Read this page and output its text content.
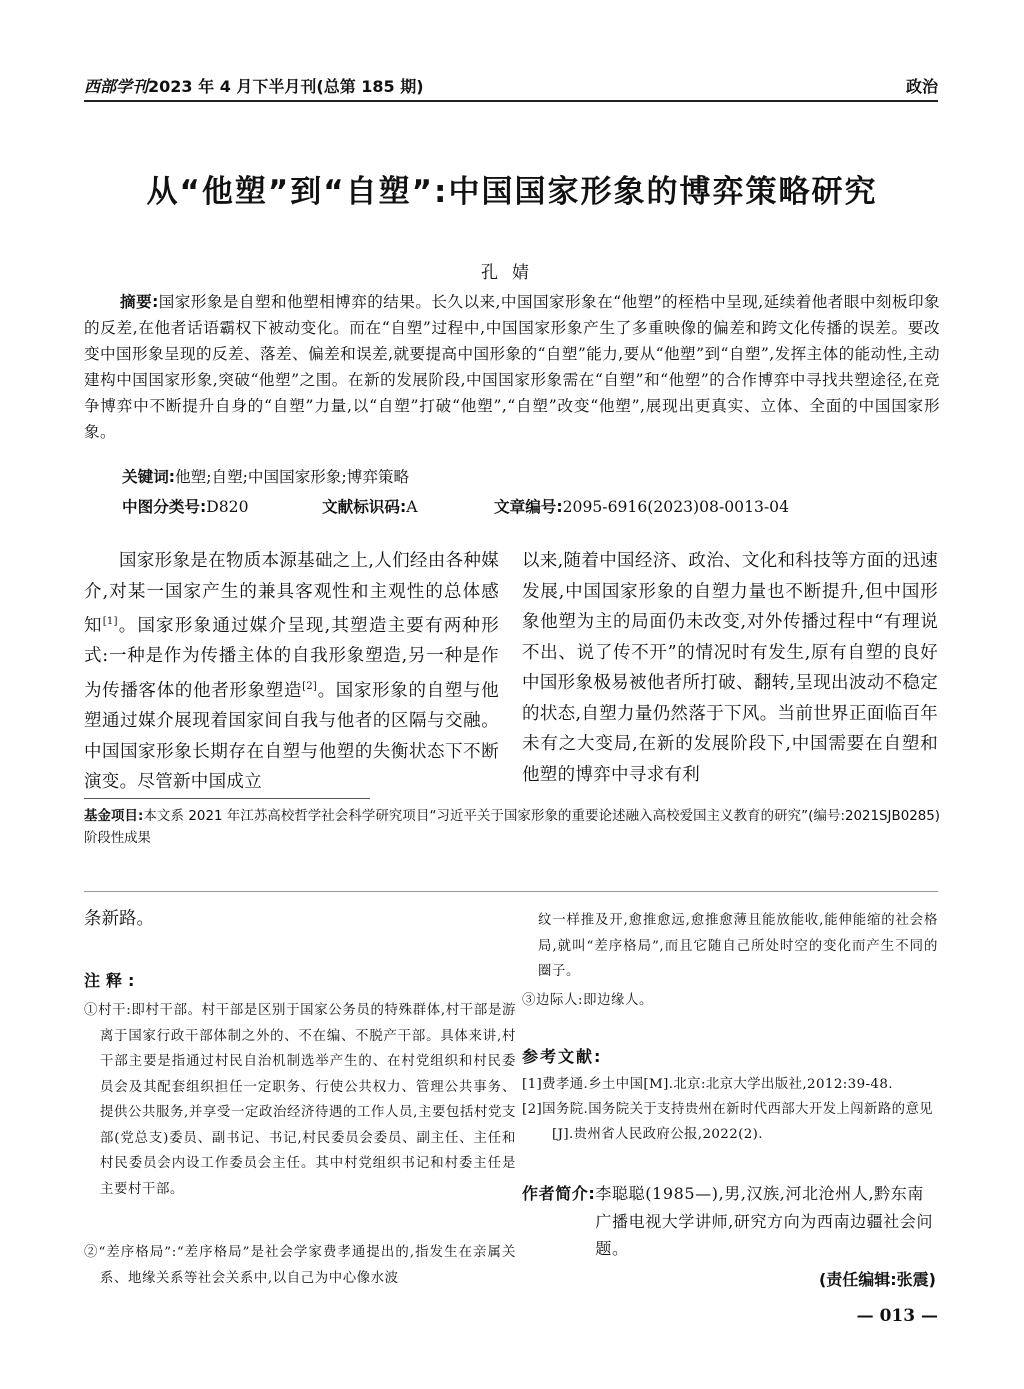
西部学刊2023 年 4 月下半月刊(总第 185 期)	政治
从“他塑”到“自塑”:中国国家形象的博弈策略研究
孔婧
摘要:国家形象是自塑和他塑相博弈的结果。长久以来,中国国家形象在“他塑”的桎梏中呈现,延续着他者眼中刻板印象的反差,在他者话语霸权下被动变化。而在“自塑”过程中,中国国家形象产生了多重映像的偏差和跨文化传播的误差。要改变中国形象呈现的反差、落差、偏差和误差,就要提高中国形象的“自塑”能力,要从“他塑”到“自塑”,发挥主体的能动性,主动建构中国国家形象,突破“他塑”之围。在新的发展阶段,中国国家形象需在“自塑”和“他塑”的合作博弈中寻找共塑途径,在竞争博弈中不断提升自身的“自塑”力量,以“自塑”打破“他塑”,“自塑”改变“他塑”,展现出更真实、立体、全面的中国国家形象。
关键词:他塑;自塑;中国国家形象;博弈策略
中图分类号:D820	文献标识码:A	文章编号:2095-6916(2023)08-0013-04
国家形象是在物质本源基础之上,人们经由各种媒介,对某一国家产生的兼具客观性和主观性的总体感知[1]。国家形象通过媒介呈现,其塑造主要有两种形式:一种是作为传播主体的自我形象塑造,另一种是作为传播客体的他者形象塑造[2]。国家形象的自塑与他塑通过媒介展现着国家间自我与他者的区隔与交融。中国国家形象长期存在自塑与他塑的失衡状态下不断演变。尽管新中国成立
以来,随着中国经济、政治、文化和科技等方面的迅速发展,中国国家形象的自塑力量也不断提升,但中国形象他塑为主的局面仍未改变,对外传播过程中“有理说不出、说了传不开”的情况时有发生,原有自塑的良好中国形象极易被他者所打破、翻转,呈现出波动不稳定的状态,自塑力量仍然落于下风。当前世界正面临百年未有之大变局,在新的发展阶段下,中国需要在自塑和他塑的博弈中寻求有利
基金项目:本文系 2021 年江苏高校哲学社会科学研究项目“习近平关于国家形象的重要论述融入高校爱国主义教育的研究”(编号:2021SJB0285)阶段性成果
条新路。
注释:
①村干:即村干部。村干部是区别于国家公务员的特殊群体,村干部是游离于国家行政干部体制之外的、不在编、不脱产干部。具体来讲,村干部主要是指通过村民自治机制选举产生的、在村党组织和村民委员会及其配套组织担任一定职务、行使公共权力、管理公共事务、提供公共服务,并享受一定政治经济待遇的工作人员,主要包括村党支部(党总支)委员、副书记、书记,村民委员会委员、副主任、主任和村民委员会内设工作委员会主任。其中村党组织书记和村委主任是主要村干部。
②“差序格局”:“差序格局”是社会学家费孝通提出的,指发生在亲属关系、地缘关系等社会关系中,以自己为中心像水波
纹一样推及开,愈推愈远,愈推愈薄且能放能收,能伸能缩的社会格局,就叫“差序格局”,而且它随自己所处时空的变化而产生不同的圈子。
③边际人:即边缘人。
参考文献:
[1]费孝通.乡土中国[M].北京:北京大学出版社,2012:39-48.
[2]国务院.国务院关于支持贵州在新时代西部大开发上闯新路的意见[J].贵州省人民政府公报,2022(2).
作者简介: 李聪聪(1985—),男,汉族,河北沧州人,黔东南广播电视大学讲师,研究方向为西南边疆社会问题。
(责任编辑:张震)
— 013 —
